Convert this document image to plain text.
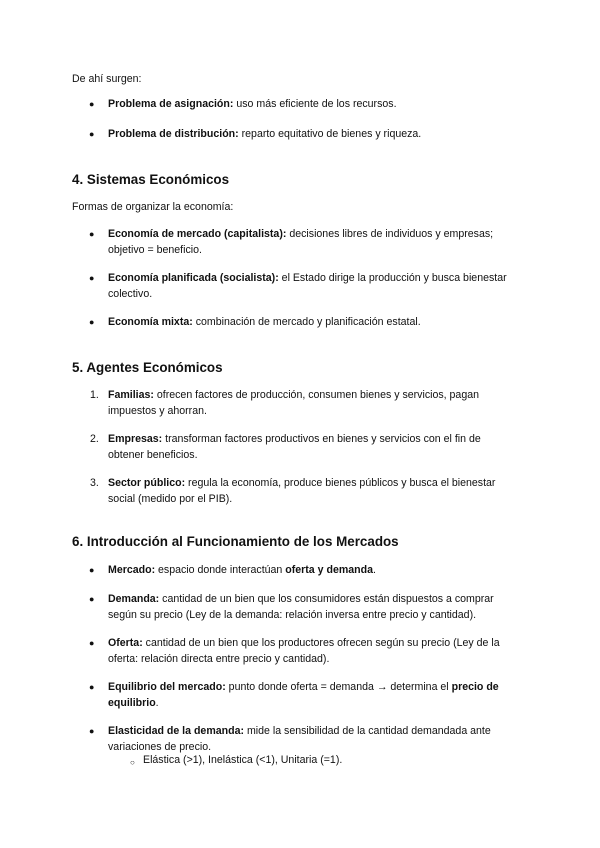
De ahí surgen:
●	Problema de asignación: uso más eficiente de los recursos.
●	Problema de distribución: reparto equitativo de bienes y riqueza.
4. Sistemas Económicos
Formas de organizar la economía:
●	Economía de mercado (capitalista): decisiones libres de individuos y empresas; objetivo = beneficio.
●	Economía planificada (socialista): el Estado dirige la producción y busca bienestar colectivo.
●	Economía mixta: combinación de mercado y planificación estatal.
5. Agentes Económicos
1. Familias: ofrecen factores de producción, consumen bienes y servicios, pagan impuestos y ahorran.
2. Empresas: transforman factores productivos en bienes y servicios con el fin de obtener beneficios.
3. Sector público: regula la economía, produce bienes públicos y busca el bienestar social (medido por el PIB).
6. Introducción al Funcionamiento de los Mercados
●	Mercado: espacio donde interactúan oferta y demanda.
●	Demanda: cantidad de un bien que los consumidores están dispuestos a comprar según su precio (Ley de la demanda: relación inversa entre precio y cantidad).
●	Oferta: cantidad de un bien que los productores ofrecen según su precio (Ley de la oferta: relación directa entre precio y cantidad).
●	Equilibrio del mercado: punto donde oferta = demanda → determina el precio de equilibrio.
●	Elasticidad de la demanda: mide la sensibilidad de la cantidad demandada ante variaciones de precio.
○ Elástica (>1), Inelástica (<1), Unitaria (=1).
